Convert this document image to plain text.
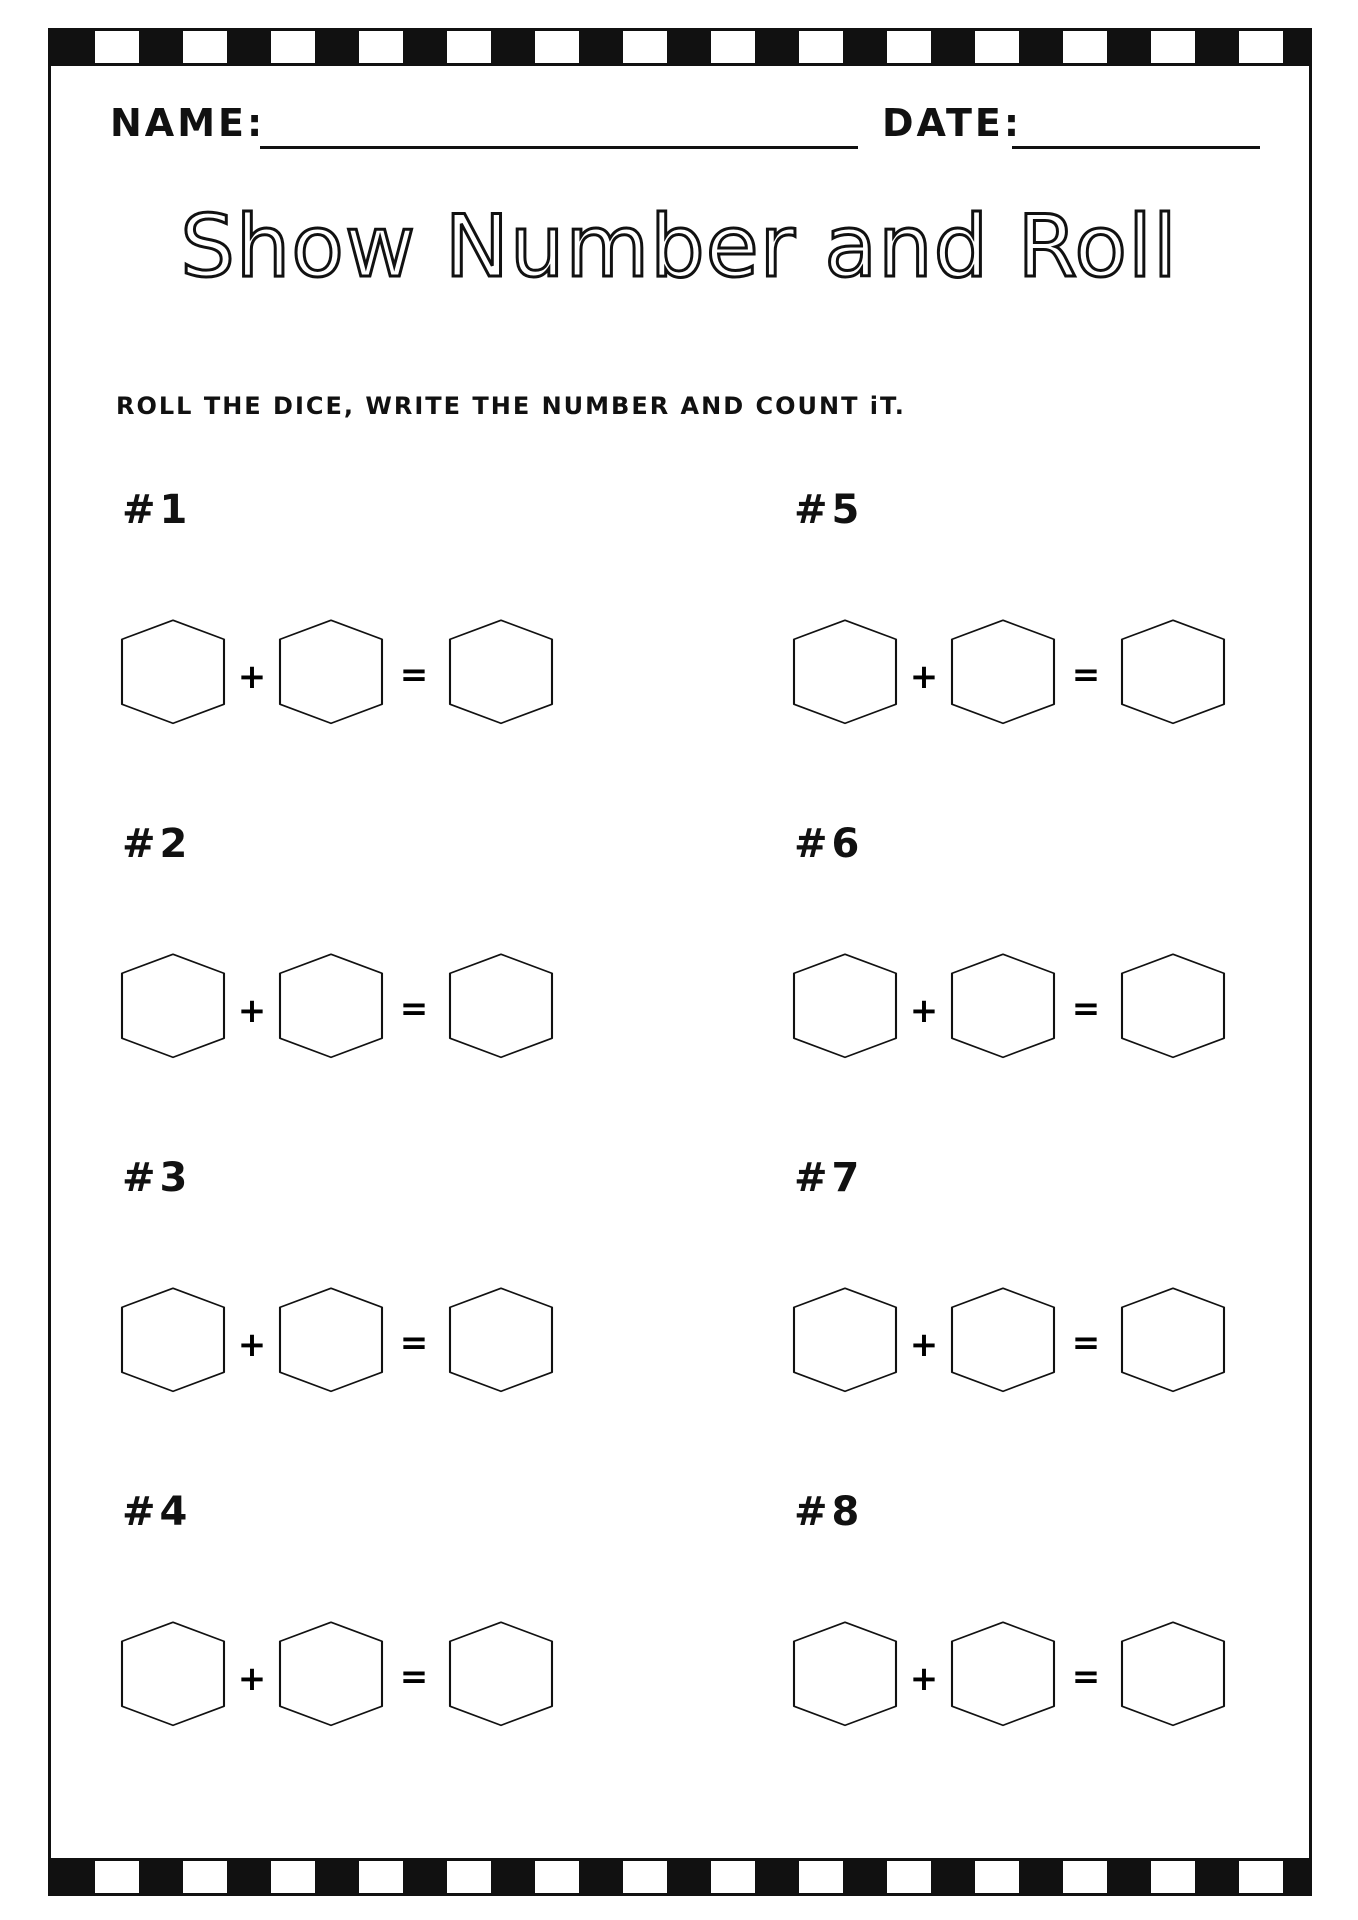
NAME:	DATE:
Show Number and Roll
ROLL THE DICE, WRITE THE NUMBER AND COUNT iT.
#1
+	=
#2
+	=
#3
+	=
#4
+	=
#5
+	=
#6
+	=
#7
+	=
#8
+	=
